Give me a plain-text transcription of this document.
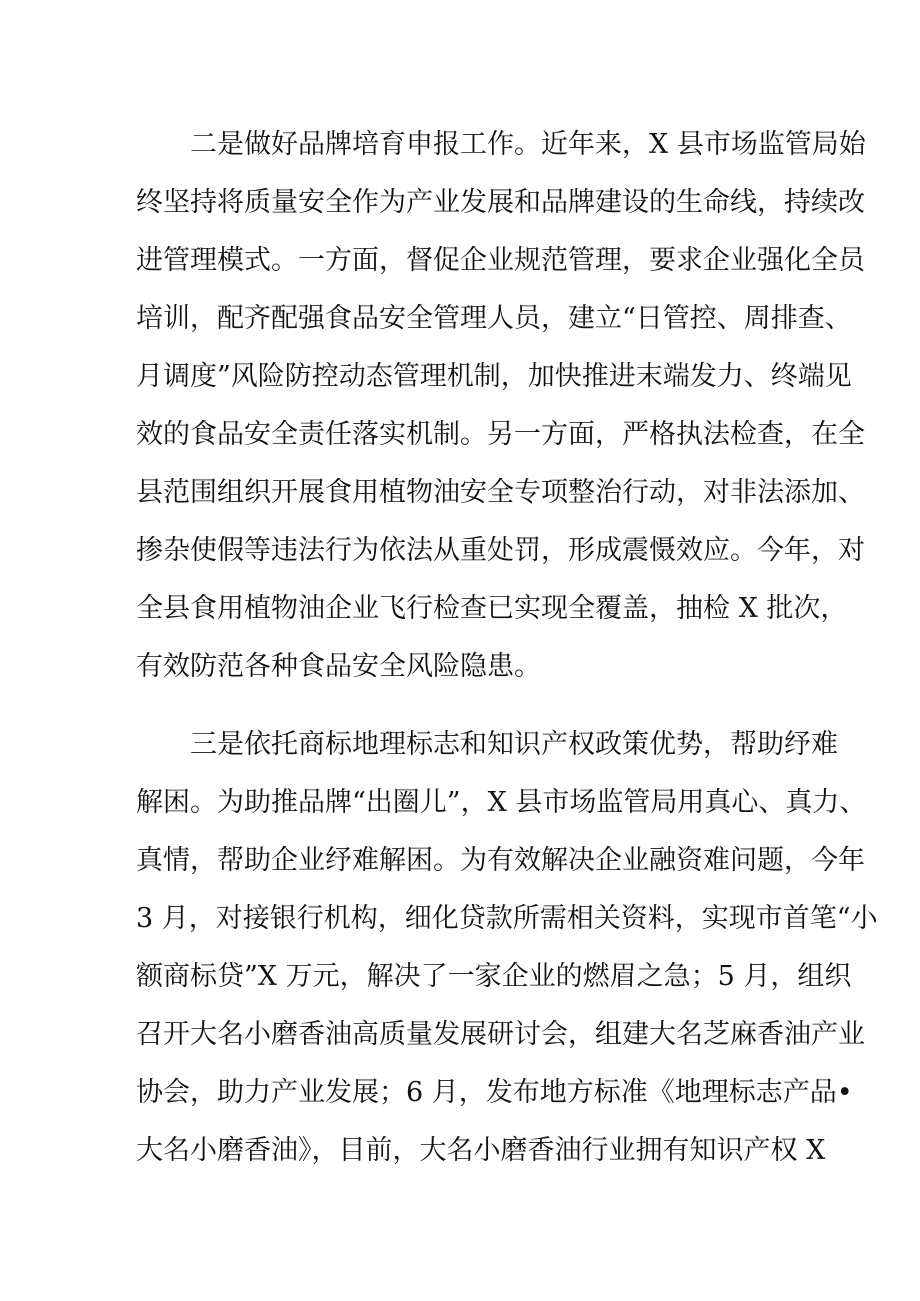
二是做好品牌培育申报工作。近年来，X 县市场监管局始
终坚持将质量安全作为产业发展和品牌建设的生命线，持续改
进管理模式。一方面，督促企业规范管理，要求企业强化全员
培训，配齐配强食品安全管理人员，建立“日管控、周排查、
月调度”风险防控动态管理机制，加快推进末端发力、终端见
效的食品安全责任落实机制。另一方面，严格执法检查，在全
县范围组织开展食用植物油安全专项整治行动，对非法添加、
掺杂使假等违法行为依法从重处罚，形成震慑效应。今年，对
全县食用植物油企业飞行检查已实现全覆盖，抽检 X 批次，
有效防范各种食品安全风险隐患。
三是依托商标地理标志和知识产权政策优势，帮助纾难
解困。为助推品牌“出圈儿”，X 县市场监管局用真心、真力、
真情，帮助企业纾难解困。为有效解决企业融资难问题，今年
3 月，对接银行机构，细化贷款所需相关资料，实现市首笔“小
额商标贷”X 万元，解决了一家企业的燃眉之急；5 月，组织
召开大名小磨香油高质量发展研讨会，组建大名芝麻香油产业
协会，助力产业发展；6 月，发布地方标准《地理标志产品•
大名小磨香油》，目前，大名小磨香油行业拥有知识产权 X
